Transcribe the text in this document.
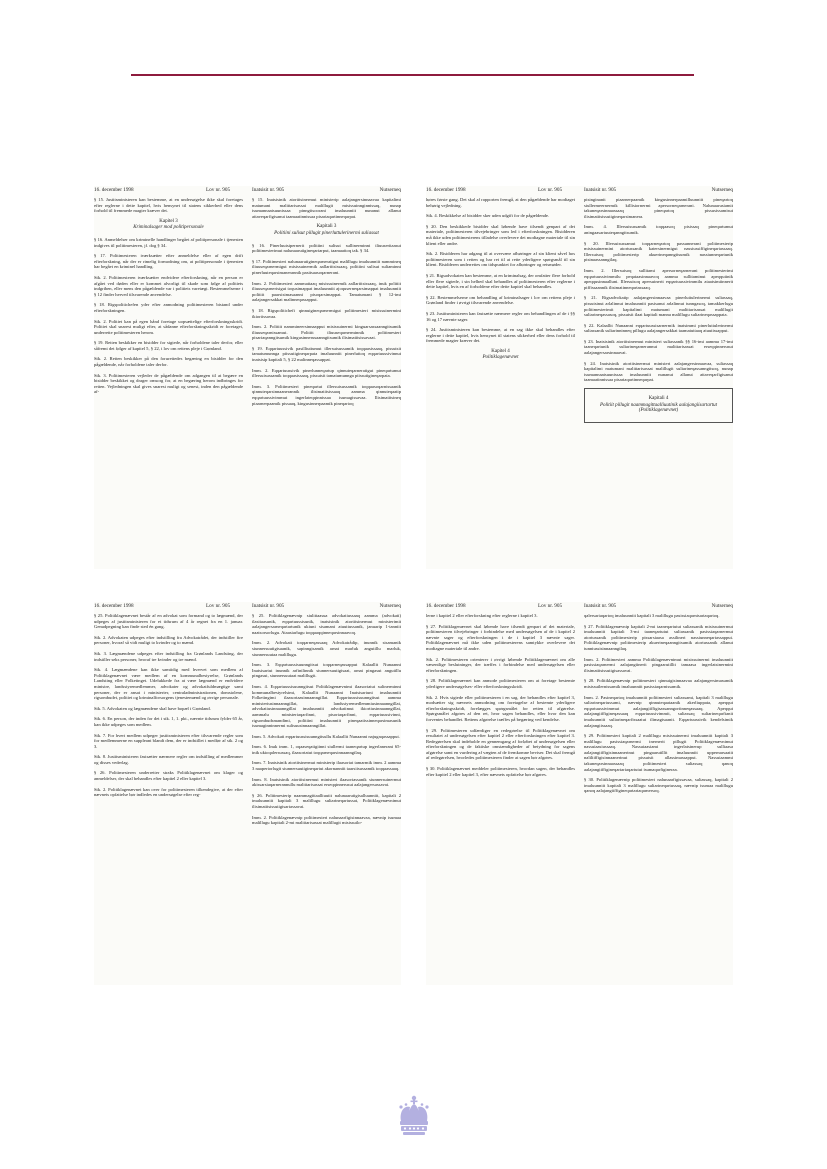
16. december 1998	Lov nr. 905	Inatsisit nr. 905	Nutserneq

§ 15. Justitsministeren kan bestemme, at en undersøgelse ikke skal foretages efter reglerne i dette kapitel, hvis hensynet til statens sikkerhed eller dens forhold til fremmede magter kræver det.

Kapitel 3
Kriminalsager mod politipersonale

§ 16. Anmeldelser om kriminelle handlinger begået af politipersonale i tjenesten indgives til politimesteren, jf. dog § 34.

§ 17. Politimesteren iværksætter efter anmeldelse eller af egen drift efterforskning, når der er rimelig formodning om, at politipersonale i tjenesten har begået en kriminel handling.

Stk. 2. Politimesteren iværksætter endvidere efterforskning, når en person er afgået ved døden eller er kommet alvorligt til skade som følge af politiets indgriben, eller mens den pågældende var i politiets varetægt. Bestemmelserne i § 12 finder herved tilsvarende anvendelse.

§ 18. Rigspolitichefen yder efter anmodning politimesteren bistand under efterforskningen.

Stk. 2. Politiet kan på egen hånd foretage uopsættelige efterforskningsskridt. Politiet skal snarest muligt efter, at sådanne efterforskningsskridt er foretaget, underrette politimesteren herom.

§ 19. Retten beskikker en bisidder for sigtede, når forholdene taler derfor, eller såfremt det følger af kapitel 5, § 22, i lov om rettens pleje i Grønland.

Stk. 2. Retten beskikker på den forurettedes begæring en bisidder for den pågældende, når forholdene taler derfor.

Stk. 3. Politimesteren vejleder de pågældende om adgangen til at begære en bisidder beskikket og drager omsorg for, at en begæring herom indbringes for retten. Vejledningen skal gives snarest muligt og senest, inden den pågældende af-

§ 15. Inatsisinik atortitsinermut ministerip aalajangersinnaavaa kapitalimi matumani malittarisassat malillugit misissuinnginnissaq, nunap isumannaatsuunissaa pinngitsoorani imaluunniit nunanut allanut attaveqarfigisanut taamaatinnissaa pisariaqartinneqarpat.

Kapitali 3
Politiini sulisut pillugit pinerluttulerinermi suliassat

§ 16. Pinerluutsipernerit politiini sulisut sullinerminni iliuuseritaasut politimesterimut nalunaarutigineqartarput, taamaattoq tak. § 34.

§ 17. Politimesteri nalunaarutigineqarneratigut malillugu imaluunniit nammineq iliuuseqarnermigut misissuinermik aallartitsissaaq, politiini sulisut suliaminni pinerluuteqarsimanerannik pasitsaasoqarnerani.

Imm. 2. Politimesteri aammattaaq misissuinermik aallartitsissaaq, inuk politiit iliuuseqarnerisigut toqusimappat imaluunniit ajoquserneqarsimappat imaluunniit politiit paarsisimasaanni pisoqarsimappat. Tamatumani § 12-imi aalajangersakkat malinneqassapput.

§ 18. Rigspolitichefi qinnuigineqarnermigut politimesteri misissuinermini ikiortissavaa.

Imm. 2. Politiit nammineersinnaapput misissuinermi kinguarsassaanngitsumik iliuuseqarnissamut. Politiit iliuuseqarnerminnik politimesteri pisariaqanngitsumik kingusinnerusaanngitsumik ilisimatitsissavaat.

§ 19. Eqqartuussivik pasilliuttumut illersuisussamik toqqaasissaaq, pissutsit tamatumunnga piissutigineqarpata imaluunniit pinerluttoq eqqartuussivinnut inatsisip kapitali 5, § 22 malinneqassappat.

Imm. 2. Eqqartuussivik pinerlunneqartup qinnuteqarneratigut pineqartumut illersuisussamik toqqaasissaaq, pissutsit tamatumunnga piissutigineqarpata.

Imm. 3. Politimesteri pineqartut illersuisussamik toqqaasoqarnissaanik qinnuteqarsinnaanerannik ilisimatitsissaaq aamma qinnuteqaatip eqqartuussivimmut ingerlateqqinnissaa isumagissavaa. Ilisimatitsineq piaarnerpaamik pissaaq, kingusinnerpaamik pineqartoq

16. december 1998	Lov nr. 905	Inatsisit nr. 905	Nutserneq

høres første gang. Det skal af rapporten fremgå, at den pågældende har modtaget behørig vejledning.

Stk. 4. Beskikkelse af bisidder sker uden udgift for de pågældende.

§ 20. Den beskikkede bisidder skal løbende have tilsendt genpart af det materiale, politimesteren tilvejebringer som led i efterforskningen. Bisidderen må ikke uden politimesterens tilladelse overlevere det modtagne materiale til sin klient eller andre.

Stk. 2. Bisidderen har adgang til at overvære afhøringer af sin klient såvel hos politimesteren som i retten og har ret til at rette yderligere spørgsmål til sin klient. Bisidderen underrettes om tidspunktet for afhøringer og retsmøder.

§ 21. Rigsadvokaten kan bestemme, at en kriminalsag, der omfatter flere forhold eller flere sigtede, i sin helhed skal behandles af politimesteren efter reglerne i dette kapitel, hvis en af forholdene efter dette kapitel skal behandles.

§ 22. Bestemmelserne om behandling af kriminalsager i lov om rettens pleje i Grønland finder i øvrigt tilsvarende anvendelse.

§ 23. Justitsministeren kan fastsætte nærmere regler om behandlingen af de i §§ 16 og 17 nævnte sager.

§ 24. Justitsministeren kan bestemme, at en sag ikke skal behandles efter reglerne i dette kapitel, hvis hensynet til statens sikkerhed eller dens forhold til fremmede magter kræver det.

Kapitel 4
Politiklagenævnet

pisinginanit piaarnerpaamik kingusinnerpaamilluunniit pineqartoq siullermeernermik killisiornermi apersorneqarnerani. Nalunaarusiamit takuneqarsinnaassaaq pineqartoq pissusissamisut ilisimatitsissutigineqarsimanera.

Imm. 4. Illersuisussamik toqqaasoq pisissaq pineqartumut aningaasartuuteqanngitsumik.

§ 20. Illersuisussamut toqqarneqartoq passunnerani politimesterip misissuinermini atortussanik katersinermigut nassiussiffigineqartassaaq. Illersuisoq politimesterip akuerineqanngitsumik nassiunneqartunik pisinaassanngilaq.

Imm. 2. Illersuisoq sullitami apersorneqarnerani politimesterimi eqqartuussivimmilu peqataasinnaavoq aamma sullitaminut apeqqutinik apeqqusinnaalluni. Illersuisoq apersuinerit eqqartuussivimmilu ataatsimiinnerit piffissaannik ilisimatinneqartassaaq.

§ 21. Rigsadvokatip aalajangersinnaavaa pinerluttulerinermi suliassaq, pissutsinut arlalinnut imaluunniit pasisanut arlalinnut tunngasoq, tamakkerlugu politimesterimit kapitalimi matumani malittarisassat malillugit suliarineqassasoq, pissutsit ilaat kapitali manna malillugu suliarineqassappata.

§ 22. Kalaallit Nunaanni eqqartuussisarnermik inatsimmi pinerluttulerinermi suliassanik suliarinninneq pillugu aalajangersakkat taamatuttaaq atuutissapput.

§ 23. Inatsisinik atortitsinermut ministeri suliassanik §§ 16-imi aamma 17-imi taaneqartunik suliarineqarnerannut malittarisassat erseqqinnerusut aalajangersarsinnaavai.

§ 24. Inatsisinik atortitsinermut ministeri aalajangersinnaavaa, suliassaq kapitalimi matumani malittarisassat malillugit suliarineqassanngitsoq, nunap isumannaatsuunissaa imaluunniit nunanut allanut attaveqarfigisanut taamaatinnissaa pisariaqartinneqarpat.

Kapitali 4
Politiit pillugit naammagittaalliuutinik aalajangiisartartut (Politiklagenævnet)
16. december 1998	Lov nr. 905	Inatsisit nr. 905	Nutserneq

§ 25. Politiklagenævnet består af en advokat som formand og to lægmænd, der udpeges af justitsministeren for et tidsrum af 4 år regnet fra en 1. januar. Genudpegning kan finde sted én gang.

Stk. 2. Advokaten udpeges efter indstilling fra Advokatrådet, der indstiller fire personer, hvoraf så vidt muligt to kvinder og to mænd.

Stk. 3. Lægmændene udpeges efter indstilling fra Grønlands Landsting, der indstiller seks personer, hvoraf tre kvinder og tre mænd.

Stk. 4. Lægmændene kan ikke samtidig med hvervet som medlem af Politiklagenævnet være medlem af en kommunalbestyrelse, Grønlands Landsting eller Folketinget. Udelukkede fra at være lægmænd er endvidere ministre, landsstyremedlemmer, advokater og advokatfuldmægtige samt personer, der er ansat i ministerier, centraladministrationen, domstolene, rigsombudet, politiet og kriminalforsorgens tjenestemænd og øvrige personale.

Stk. 5. Advokaten og lægmændene skal have bopæl i Grønland.

Stk. 6. En person, der inden for det i stk. 1, 1. pkt., nævnte tidsrum fylder 65 år, kan ikke udpeges som medlem.

Stk. 7. For hvert medlem udpeger justitsministeren efter tilsvarende regler som for medlemmerne en suppleant blandt dem, der er indstillet i medfør af stk. 2 og 3.

Stk. 8. Justitsministeren fastsætter nærmere regler om indstilling af medlemmer og disses vederlag.

§ 26. Politimesteren underretter straks Politiklagenævnet om klager og anmeldelser, der skal behandles efter kapitel 2 eller kapitel 3.

Stk. 2. Politiklagenævnet kan over for politimesteren tilkendegive, at der efter nævnets opfattelse bør indledes en undersøgelse efter reg-

§ 25. Politiklagenævnip siulittaasua advokatiussaaq aamma (advokati) ilasitaasunik, eqqartuussisunik, inatsisinik atortitsinermut ministerimit aalajangersarneqartartunik ukiuni sisamani atuuttussanik, januarip 1-ianniit naatsorsorlugu. Ataasiarlugu toqqaaqqinneqarsinnaavoq.

Imm. 2. Advokati toqqarneqassaaq Advokatrådip, inunnik sisamanik siunnersuutigisaanik, sapinngisamik arnat marluk angutillu marluk, siunnersuutaa malillugu.

Imm. 3. Eqqartuussisuunngitsut toqqarneqassapput Kalaallit Nunaanni Inatsisartut inunnik arfinilinnik siunnersuutigisaat, arnat pingasut angutillu pingasut, siunnersuutaat malillugit.

Imm. 4. Eqqartuussisuunngitsut Politiklagenævnimi ilaasortatut sulinerminni kommunalbestyrelsimi, Kalaallit Nunaanni Inatsisartuni imaluunniit Folketingimi ilaasortaasinnaanngillat. Eqqartuussisuunngitsut aamma ministeriusinnaanngillat, landsstyremedlemmiusinnaanngillat, advokatiusinnaanngillat imaluunniit advokatimut ikiortiusinnaanngillat, aammalu ministeriaqarfinni, pisortaqarfinni, eqqartuussivinni, rigsombudsmandimi, politiini imaluunniit pineqaatissinneqarsimasunik isumaginninnermi sulisuusinnaanngillat.

Imm. 5. Advokati eqqartuussisuunngitsullu Kalaallit Nunaanni najugaqassapput.

Imm. 6. Inuk imm. 1, oqaaseqatigiinni siullermi taaneqartup ingerlanerani 65-inik ukioqalersussaq, ilaasortatut toqqarneqarsinnaanngilaq.

Imm. 7. Inatsisinik atortitsinermut ministerip ilaasortat tamarmik imm. 2 aamma 3 naapertorlugit siunnersuutigineqartut akornanniit taarsiisussamik toqqaassaaq.

Imm. 8. Inatsisinik atortitsinermut ministeri ilaasortassanik siunnersuinermut akissarsiaqarnerannullu malittarisassat erseqqinnerusut aalajangersassavai.

§ 26. Politimesterip naammagittaalliuutit nalunaarutigisalluunniit, kapitali 2 imaluunniit kapitali 3 malillugu suliarineqartussat, Politiklagenævnimut ilisimatitsissutigisartassavai.

Imm. 2. Politiklagenævnip politimesteri nalunaarfigisinnaavaa, nævnip isumaa malillugu kapitali 2-mi malittarisassat malillugit misissuilo-

16. december 1998	Lov nr. 905	Inatsisit nr. 905	Nutserneq

lerne i kapitel 2 eller efterforskning efter reglerne i kapitel 3.

§ 27. Politiklagenævnet skal løbende have tilsendt genpart af det materiale, politimesteren tilvejebringer i forbindelse med undersøgelsen af de i kapitel 2 nævnte sager og efterforskningen i de i kapitel 3 nævnte sager. Politiklagenævnet må ikke uden politimesterens samtykke overlevere det modtagne materiale til andre.

Stk. 2. Politimesteren orienterer i øvrigt løbende Politiklagenævnet om alle væsentlige beslutninger, der træffes i forbindelse med undersøgelsen eller efterforskningen.

§ 28. Politiklagenævnet kan anmode politimesteren om at foretage bestemte yderligere undersøgelses- eller efterforskningsskridt.

Stk. 2. Hvis sigtede eller politimesteren i en sag, der behandles efter kapitel 3, modsætter sig nævnets anmodning om foretagelse af bestemte yderligere efterforskningsskridt, forelægges spørgsmålet for retten til afgørelse. Spørgsmålet afgøres af den ret, hvor sagen behandles, eller hvor den kan forventes behandlet. Rettens afgørelse træffes på begæring ved kendelse.

§ 29. Politimesteren udfærdiger en redegørelse til Politiklagenævnet om resultatet af undersøgelsen efter kapitel 2 eller efterforskningen efter kapitel 3. Redegørelsen skal indeholde en gennemgang af forløbet af undersøgelsen eller efterforskningen og de faktiske omstændigheder af betydning for sagens afgørelse samt en vurdering af vægten af de fremkomne beviser. Det skal fremgå af redegørelsen, hvorledes politimesteren finder at sagen bør afgøres.

§ 30. Politiklagenævnet meddeler politimesteren, hvordan sagen, der behandles efter kapitel 2 eller kapitel 3, efter nævnets opfattelse bør afgøres.

qalersariaqartoq imaluunniit kapitali 3 malillugu pasissiaqarnisariaqartoq.

§ 27. Politiklagenævnip kapitali 2-mi taaneqartutut suliassanik misissuinermut imaluunniit kapitali 3-mi taaneqartutut suliassanik pasissiaqarnermut atortussanik politimesterip pissarsiaasa assilineri nassiunneqartassapput. Politiklagenævnip politimesterip akuerineqaanngitsumik atortussanik allanut tunniussisinnaanngilaq.

Imm. 2. Politimesteri aamma Politiklagenævnimut misissuinermi imaluunniit pasissiaqarnermi aalajangiinerit pingaarutillit tamaasa ingerlatsinermini ilisimatitsissutigisassavai.

§ 28. Politiklagenævnip politimesteri qinnuigisinnaavaa aalajangersimasumik misissuilernissamik imaluunniit pasissiaqarnissamik.

Imm. 2. Pasineqartoq imaluunniit politimesteri suliassami, kapitali 3 malillugu suliarineqartussami, nævnip qinnuteqaataanik akerliuppata, apeqqut eqqartuussivimmut aalajangiiffigisassanngortinneqassaaq. Apeqqut aalajangiiffigineqassaaq eqqartuussivimmit, suliassaq suliarineqarfianit imaluunniit suliarineqarfissaatut ilimagisaanit. Eqqartuussivik kendelsimik aalajangiissaaq.

§ 29. Politimesteri kapitali 2 malillugu misissuinermi imaluunniit kapitali 3 malillugu pasissiaqarnermi inernerit pillugit Politiklagenævnimut nassuiaasiussaaq. Nassuiaasiami ingerlatsinerup sulliaasa aalajangiiffigisinnaanerinut pingaarutillit imaluunniit uppernarsaatit naliliiffigisinnaanerinut pissutsit allassimassapput. Nassuiaammi takuneqarsinnaassaaq politimesteri suliassaq qanoq aalajangiiffigineqartariaqartutut isumaqarfigineraa.

§ 30. Politiklagenævnip politimesteri nalunaarfigissavaa, suliassaq, kapitali 2 imaluunniit kapitali 3 malillugu suliarineqartussaq, nævnip isumaa malillugu qanoq aalajangiiffigineqartariaqarnersoq.
